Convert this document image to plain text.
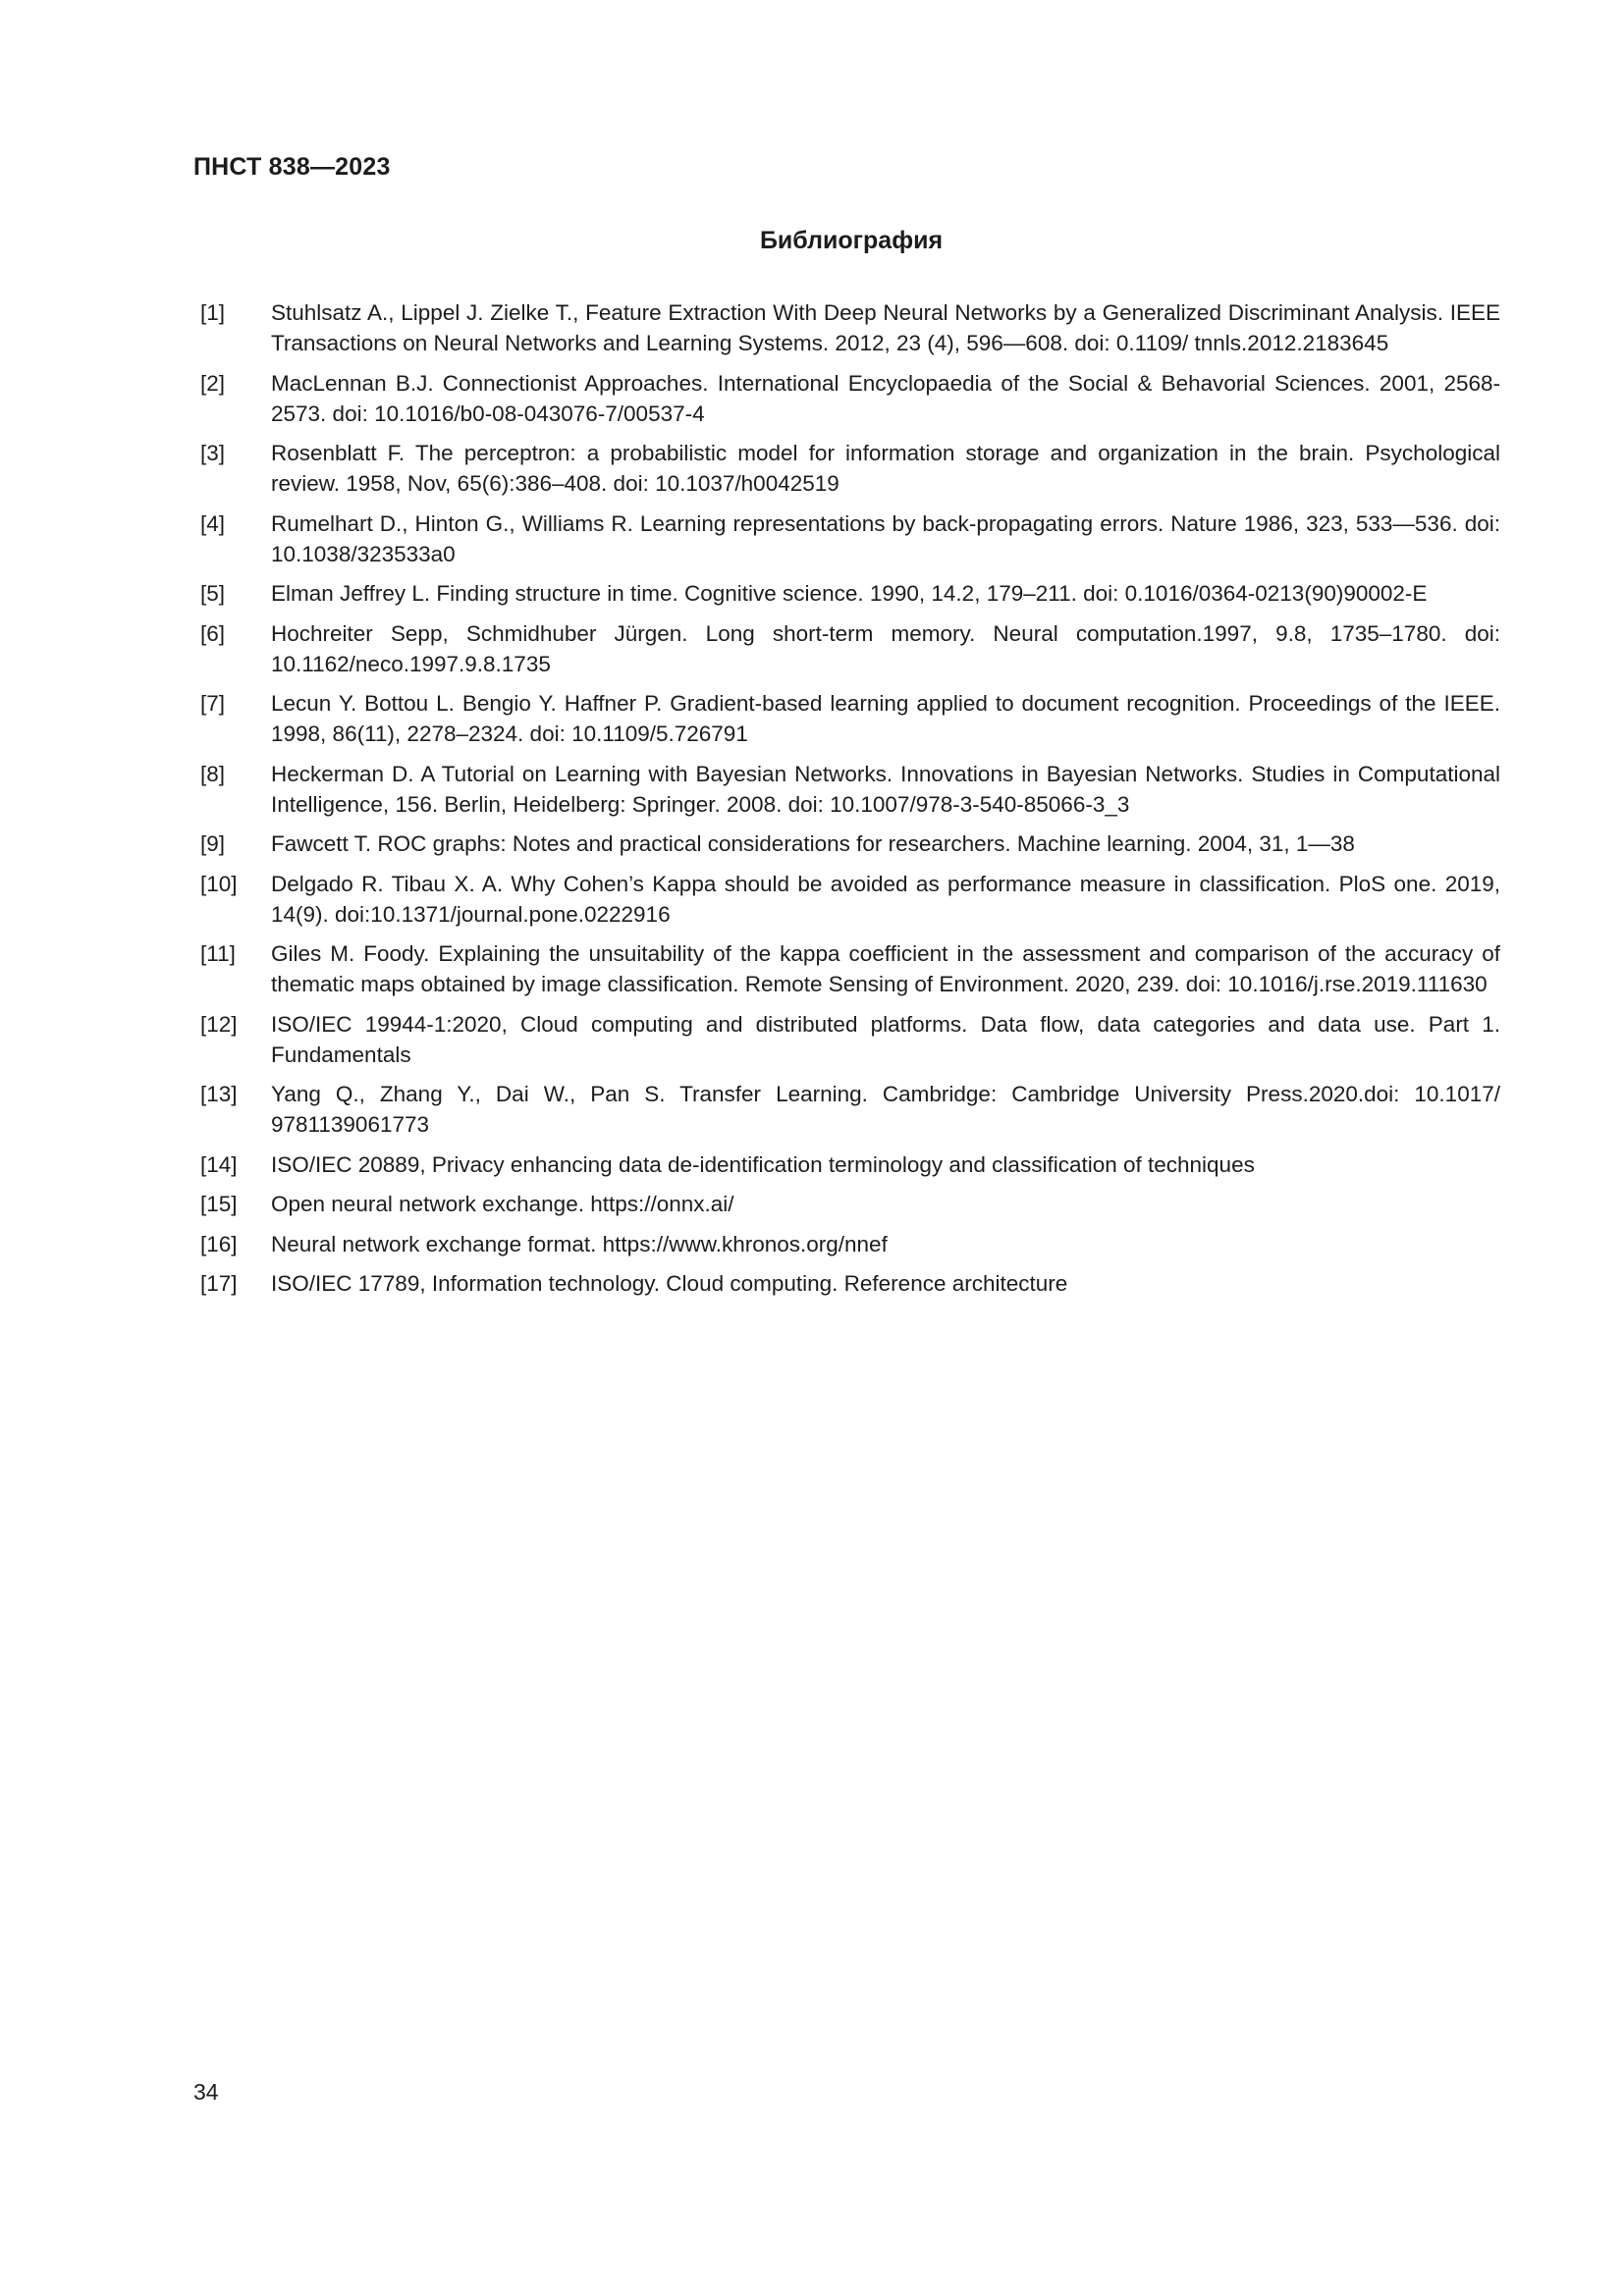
ПНСТ 838—2023

Библиография
[1]	Stuhlsatz A., Lippel J. Zielke T., Feature Extraction With Deep Neural Networks by a Generalized Discriminant Analysis. IEEE Transactions on Neural Networks and Learning Systems. 2012, 23 (4), 596—608. doi: 0.1109/ tnnls.2012.2183645
[2]	MacLennan B.J. Connectionist Approaches. International Encyclopaedia of the Social & Behavorial Sciences. 2001, 2568-2573. doi: 10.1016/b0-08-043076-7/00537-4
[3]	Rosenblatt F. The perceptron: a probabilistic model for information storage and organization in the brain. Psychological review. 1958, Nov, 65(6):386–408. doi: 10.1037/h0042519
[4]	Rumelhart D., Hinton G., Williams R. Learning representations by back-propagating errors. Nature 1986, 323, 533—536. doi: 10.1038/323533a0
[5]	Elman Jeffrey L. Finding structure in time. Cognitive science. 1990, 14.2, 179–211. doi: 0.1016/0364-0213(90)90002-E
[6]	Hochreiter Sepp, Schmidhuber Jürgen. Long short-term memory. Neural computation.1997, 9.8, 1735–1780. doi: 10.1162/neco.1997.9.8.1735
[7]	Lecun Y. Bottou L. Bengio Y. Haffner P. Gradient-based learning applied to document recognition. Proceedings of the IEEE. 1998, 86(11), 2278–2324. doi: 10.1109/5.726791
[8]	Heckerman D. A Tutorial on Learning with Bayesian Networks. Innovations in Bayesian Networks. Studies in Computational Intelligence, 156. Berlin, Heidelberg: Springer. 2008. doi: 10.1007/978-3-540-85066-3_3
[9]	Fawcett T. ROC graphs: Notes and practical considerations for researchers. Machine learning. 2004, 31, 1—38
[10]	Delgado R. Tibau X. A. Why Cohen’s Kappa should be avoided as performance measure in classification. PloS one. 2019, 14(9). doi:10.1371/journal.pone.0222916
[11]	Giles M. Foody. Explaining the unsuitability of the kappa coefficient in the assessment and comparison of the accuracy of thematic maps obtained by image classification. Remote Sensing of Environment. 2020, 239. doi: 10.1016/j.rse.2019.111630
[12]	ISO/IEC 19944-1:2020, Cloud computing and distributed platforms. Data flow, data categories and data use. Part 1. Fundamentals
[13]	Yang Q., Zhang Y., Dai W., Pan S. Transfer Learning. Cambridge: Cambridge University Press.2020.doi: 10.1017/ 9781139061773
[14]	ISO/IEC 20889, Privacy enhancing data de-identification terminology and classification of techniques
[15]	Open neural network exchange. https://onnx.ai/
[16]	Neural network exchange format. https://www.khronos.org/nnef
[17]	ISO/IEC 17789, Information technology. Cloud computing. Reference architecture

34
